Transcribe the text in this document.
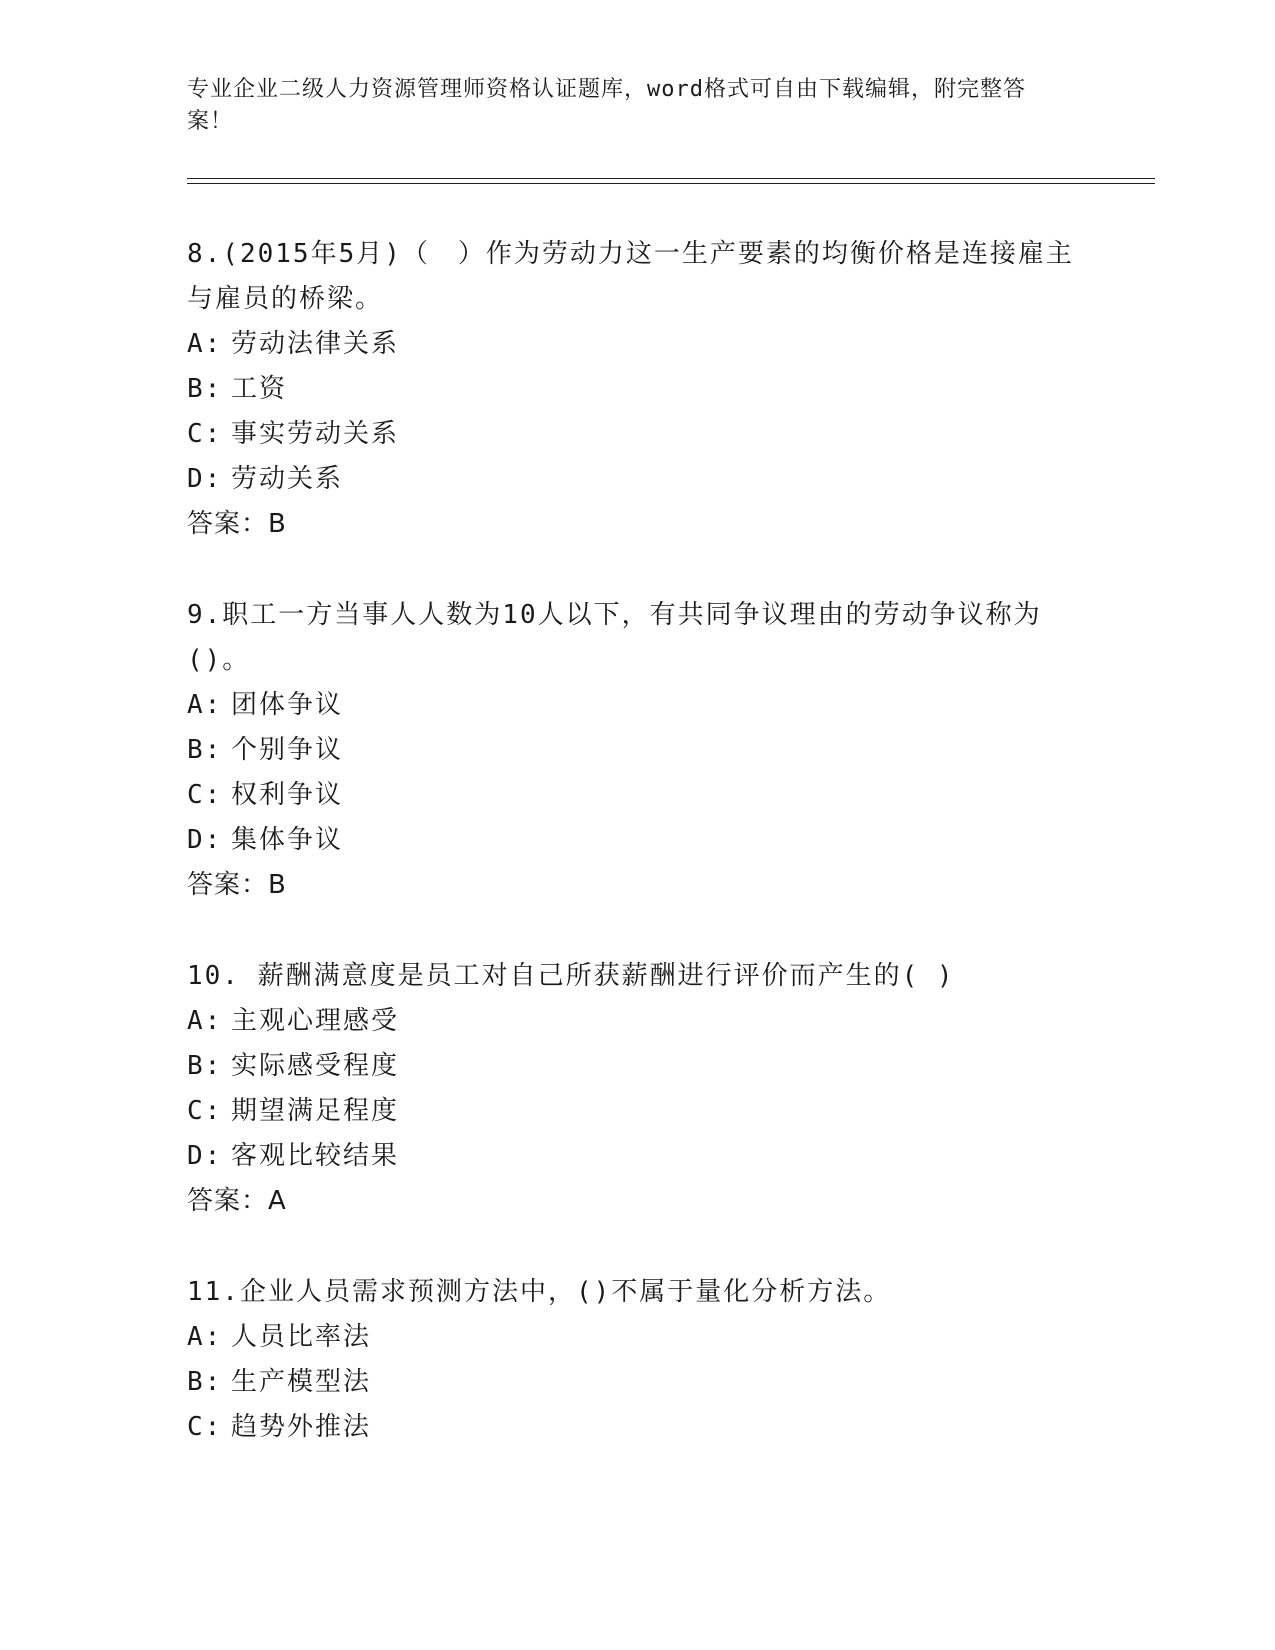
专业企业二级人力资源管理师资格认证题库，word格式可自由下载编辑，附完整答案！

8.(2015年5月)（　）作为劳动力这一生产要素的均衡价格是连接雇主与雇员的桥梁。

A: 劳动法律关系

B: 工资

C: 事实劳动关系

D: 劳动关系

答案：B

9.职工一方当事人人数为10人以下，有共同争议理由的劳动争议称为()。

A: 团体争议

B: 个别争议

C: 权利争议

D: 集体争议

答案：B

10. 薪酬满意度是员工对自己所获薪酬进行评价而产生的( )

A: 主观心理感受

B: 实际感受程度

C: 期望满足程度

D: 客观比较结果

答案：A

11.企业人员需求预测方法中，()不属于量化分析方法。

A: 人员比率法

B: 生产模型法

C: 趋势外推法
